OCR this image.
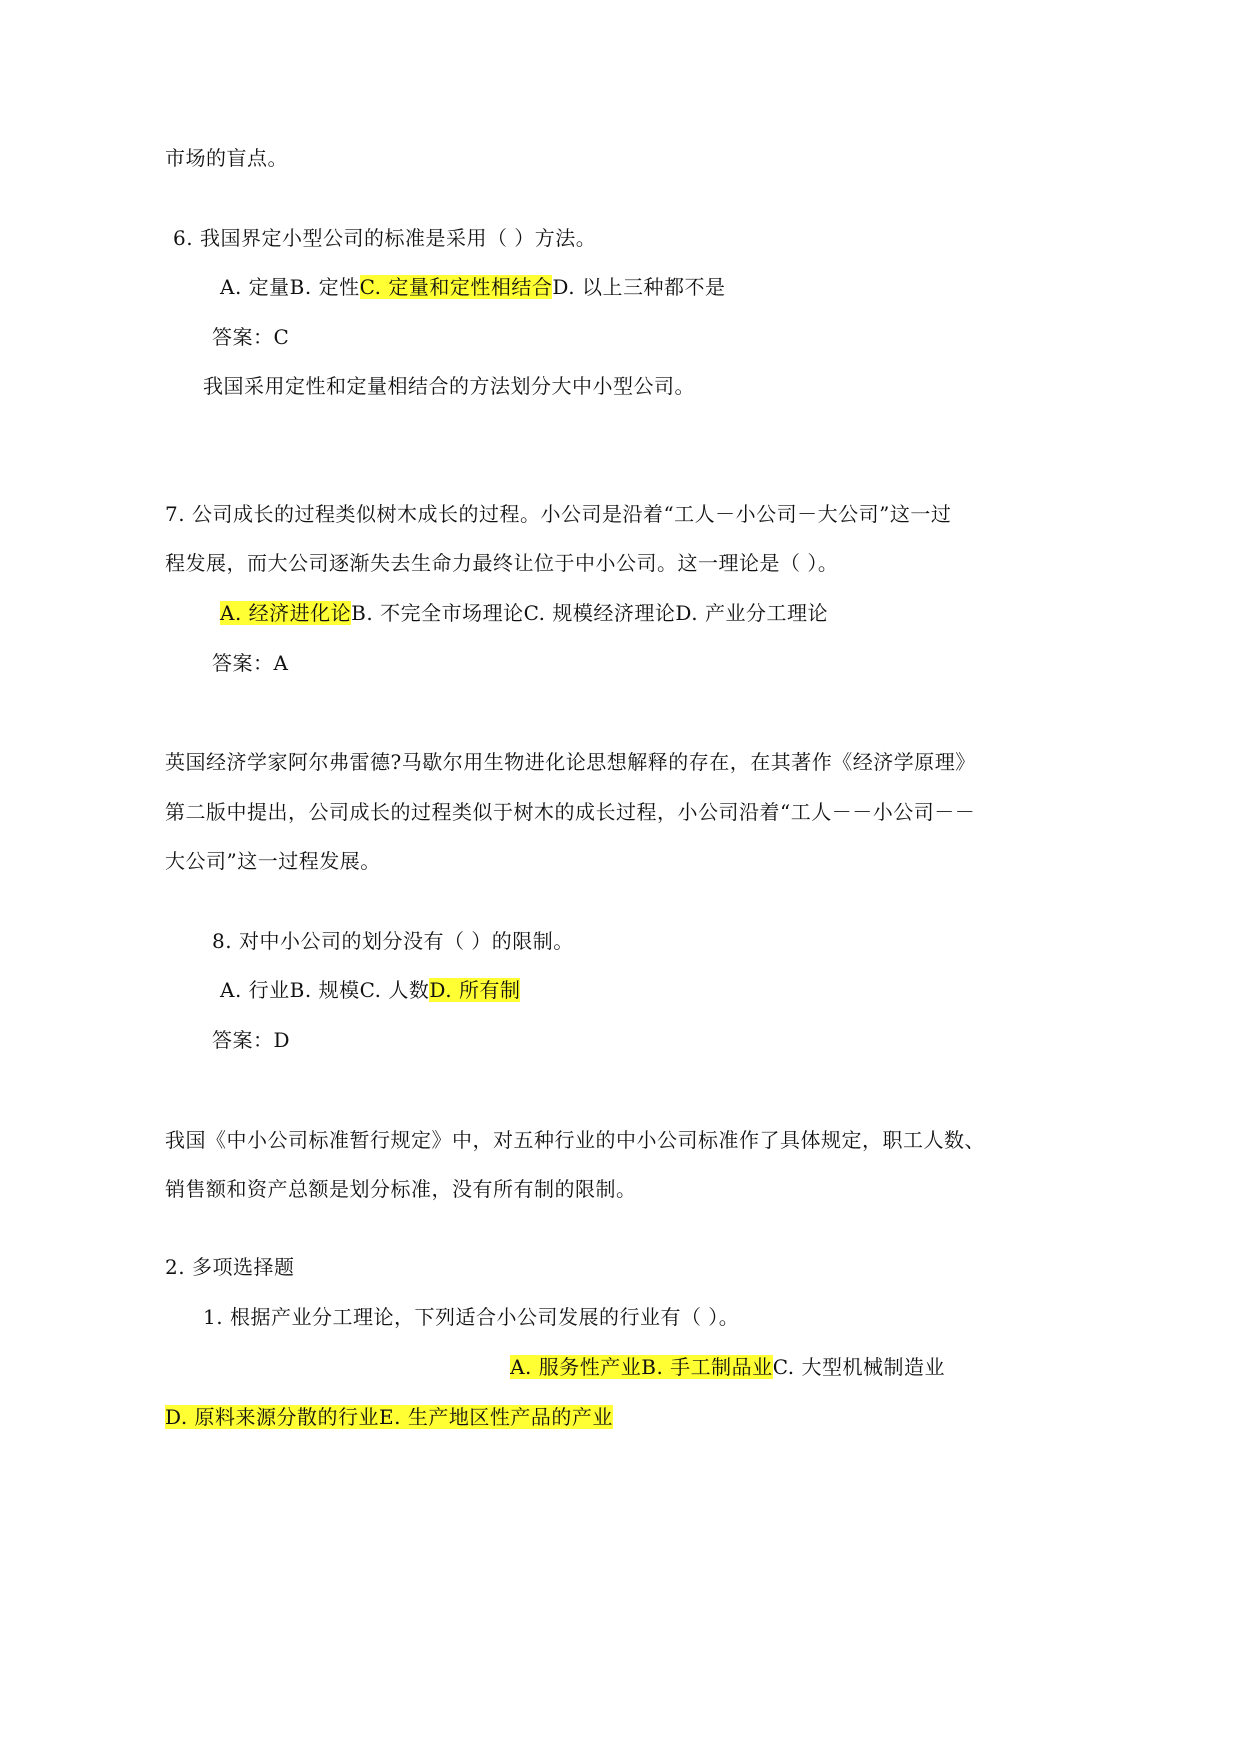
市场的盲点。
6. 我国界定小型公司的标准是采用（ ）方法。
A. 定量B. 定性C. 定量和定性相结合D. 以上三种都不是
答案：C
我国采用定性和定量相结合的方法划分大中小型公司。
7. 公司成长的过程类似树木成长的过程。小公司是沿着“工人－小公司－大公司”这一过
程发展，而大公司逐渐失去生命力最终让位于中小公司。这一理论是（ ）。
A. 经济进化论B. 不完全市场理论C. 规模经济理论D. 产业分工理论
答案：A
英国经济学家阿尔弗雷德?马歇尔用生物进化论思想解释的存在，在其著作《经济学原理》
第二版中提出，公司成长的过程类似于树木的成长过程，小公司沿着“工人－－小公司－－
大公司”这一过程发展。
8. 对中小公司的划分没有（ ）的限制。
A. 行业B. 规模C. 人数D. 所有制
答案：D
我国《中小公司标准暂行规定》中，对五种行业的中小公司标准作了具体规定，职工人数、
销售额和资产总额是划分标准，没有所有制的限制。
2. 多项选择题
1. 根据产业分工理论，下列适合小公司发展的行业有（ ）。
A. 服务性产业B. 手工制品业C. 大型机械制造业
D. 原料来源分散的行业E. 生产地区性产品的产业
